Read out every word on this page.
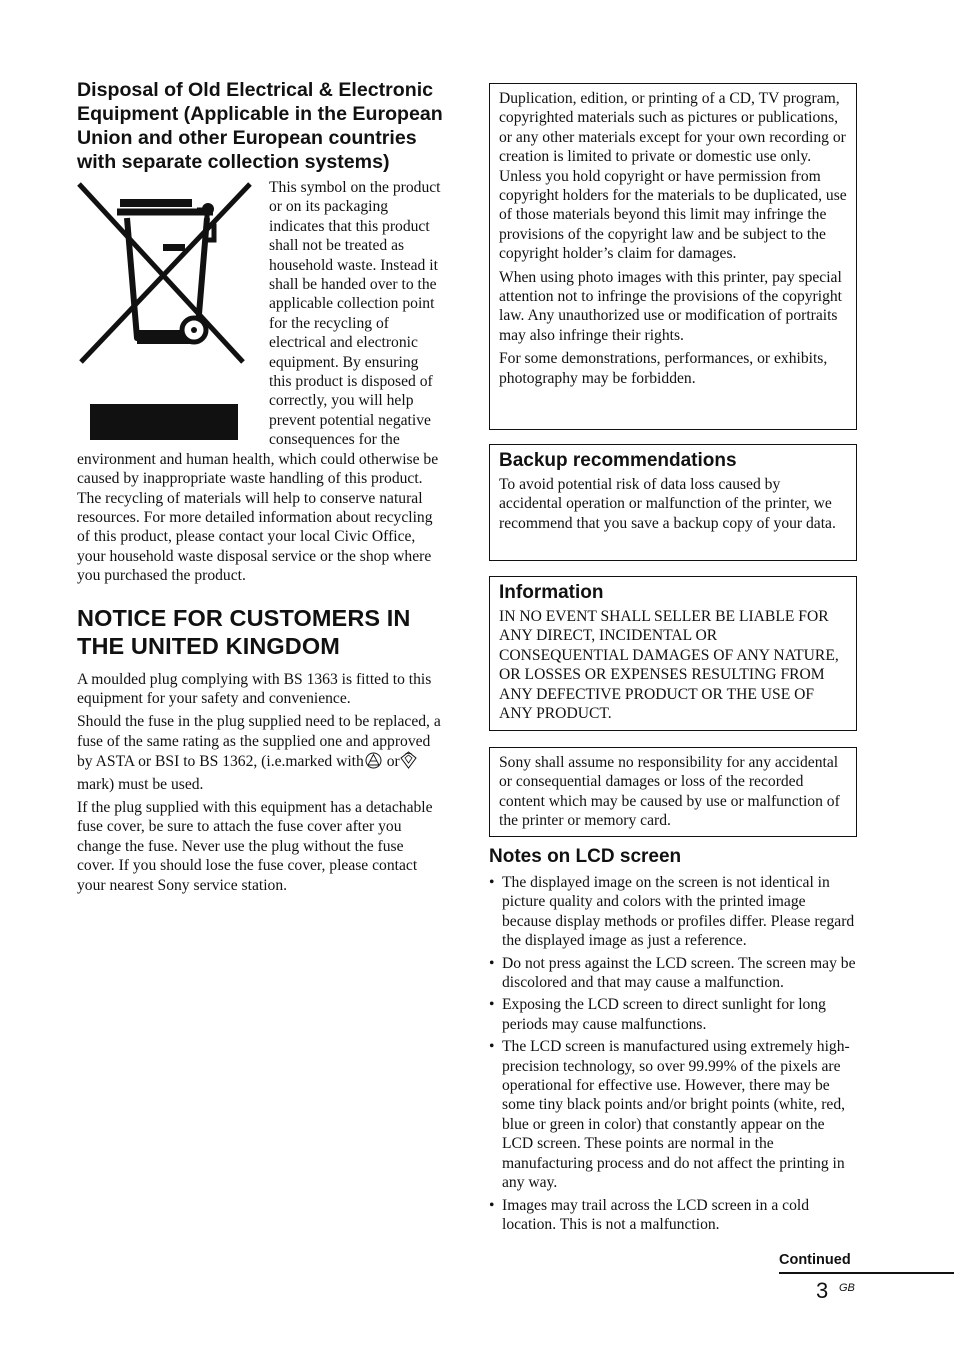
Disposal of Old Electrical & Electronic Equipment (Applicable in the European Union and other European countries with separate collection systems)

This symbol on the product or on its packaging indicates that this product shall not be treated as household waste. Instead it shall be handed over to the applicable collection point for the recycling of electrical and electronic equipment. By ensuring this product is disposed of correctly, you will help prevent potential negative consequences for the environment and human health, which could otherwise be caused by inappropriate waste handling of this product. The recycling of materials will help to conserve natural resources. For more detailed information about recycling of this product, please contact your local Civic Office, your household waste disposal service or the shop where you purchased the product.

NOTICE FOR CUSTOMERS IN THE UNITED KINGDOM

A moulded plug complying with BS 1363 is fitted to this equipment for your safety and convenience.

Should the fuse in the plug supplied need to be replaced, a fuse of the same rating as the supplied one and approved by ASTA or BSI to BS 1362, (i.e.marked with or mark) must be used.

If the plug supplied with this equipment has a detachable fuse cover, be sure to attach the fuse cover after you change the fuse. Never use the plug without the fuse cover. If you should lose the fuse cover, please contact your nearest Sony service station.

Duplication, edition, or printing of a CD, TV program, copyrighted materials such as pictures or publications, or any other materials except for your own recording or creation is limited to private or domestic use only. Unless you hold copyright or have permission from copyright holders for the materials to be duplicated, use of those materials beyond this limit may infringe the provisions of the copyright law and be subject to the copyright holder’s claim for damages.

When using photo images with this printer, pay special attention not to infringe the provisions of the copyright law. Any unauthorized use or modification of portraits may also infringe their rights.

For some demonstrations, performances, or exhibits, photography may be forbidden.

Backup recommendations

To avoid potential risk of data loss caused by accidental operation or malfunction of the printer, we recommend that you save a backup copy of your data.

Information

IN NO EVENT SHALL SELLER BE LIABLE FOR ANY DIRECT, INCIDENTAL OR CONSEQUENTIAL DAMAGES OF ANY NATURE, OR LOSSES OR EXPENSES RESULTING FROM ANY DEFECTIVE PRODUCT OR THE USE OF ANY PRODUCT.

Sony shall assume no responsibility for any accidental or consequential damages or loss of the recorded content which may be caused by use or malfunction of the printer or memory card.

Notes on LCD screen
• The displayed image on the screen is not identical in picture quality and colors with the printed image because display methods or profiles differ. Please regard the displayed image as just a reference.
• Do not press against the LCD screen. The screen may be discolored and that may cause a malfunction.
• Exposing the LCD screen to direct sunlight for long periods may cause malfunctions.
• The LCD screen is manufactured using extremely high-precision technology, so over 99.99% of the pixels are operational for effective use. However, there may be some tiny black points and/or bright points (white, red, blue or green in color) that constantly appear on the LCD screen. These points are normal in the manufacturing process and do not affect the printing in any way.
• Images may trail across the LCD screen in a cold location. This is not a malfunction.
Continued
3 GB
